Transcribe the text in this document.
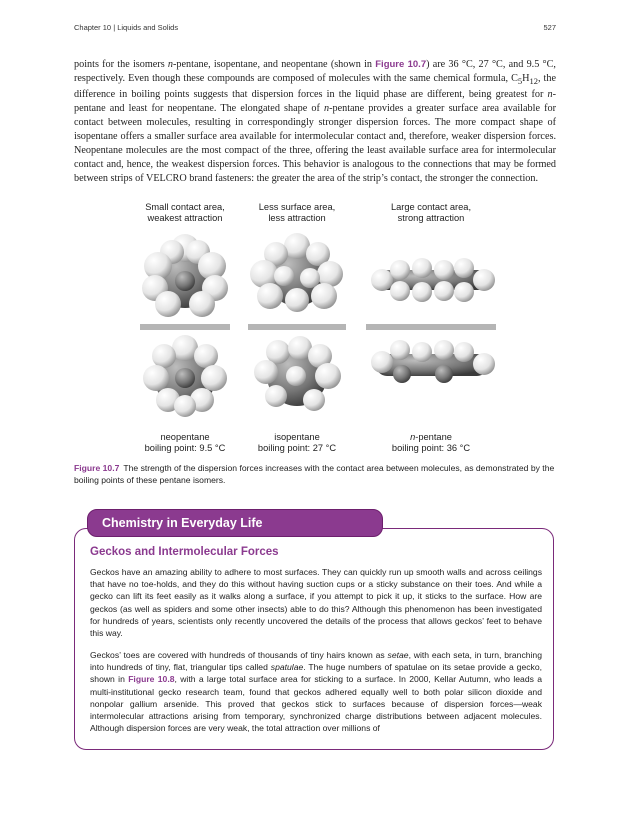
Chapter 10 | Liquids and Solids	527
points for the isomers n-pentane, isopentane, and neopentane (shown in Figure 10.7) are 36 °C, 27 °C, and 9.5 °C, respectively. Even though these compounds are composed of molecules with the same chemical formula, $C_5H_{12}$, the difference in boiling points suggests that dispersion forces in the liquid phase are different, being greatest for n-pentane and least for neopentane. The elongated shape of n-pentane provides a greater surface area available for contact between molecules, resulting in correspondingly stronger dispersion forces. The more compact shape of isopentane offers a smaller surface area available for intermolecular contact and, therefore, weaker dispersion forces. Neopentane molecules are the most compact of the three, offering the least available surface area for intermolecular contact and, hence, the weakest dispersion forces. This behavior is analogous to the connections that may be formed between strips of VELCRO brand fasteners: the greater the area of the strip’s contact, the stronger the connection.
Small contact area,
weakest attraction
Less surface area,
less attraction
Large contact area,
strong attraction
neopentane
boiling point: 9.5 °C
isopentane
boiling point: 27 °C
n-pentane
boiling point: 36 °C
Figure 10.7 The strength of the dispersion forces increases with the contact area between molecules, as demonstrated by the boiling points of these pentane isomers.
Chemistry in Everyday Life
Geckos and Intermolecular Forces
Geckos have an amazing ability to adhere to most surfaces. They can quickly run up smooth walls and across ceilings that have no toe-holds, and they do this without having suction cups or a sticky substance on their toes. And while a gecko can lift its feet easily as it walks along a surface, if you attempt to pick it up, it sticks to the surface. How are geckos (as well as spiders and some other insects) able to do this? Although this phenomenon has been investigated for hundreds of years, scientists only recently uncovered the details of the process that allows geckos’ feet to behave this way.
Geckos’ toes are covered with hundreds of thousands of tiny hairs known as setae, with each seta, in turn, branching into hundreds of tiny, flat, triangular tips called spatulae. The huge numbers of spatulae on its setae provide a gecko, shown in Figure 10.8, with a large total surface area for sticking to a surface. In 2000, Kellar Autumn, who leads a multi-institutional gecko research team, found that geckos adhered equally well to both polar silicon dioxide and nonpolar gallium arsenide. This proved that geckos stick to surfaces because of dispersion forces—weak intermolecular attractions arising from temporary, synchronized charge distributions between adjacent molecules. Although dispersion forces are very weak, the total attraction over millions of
